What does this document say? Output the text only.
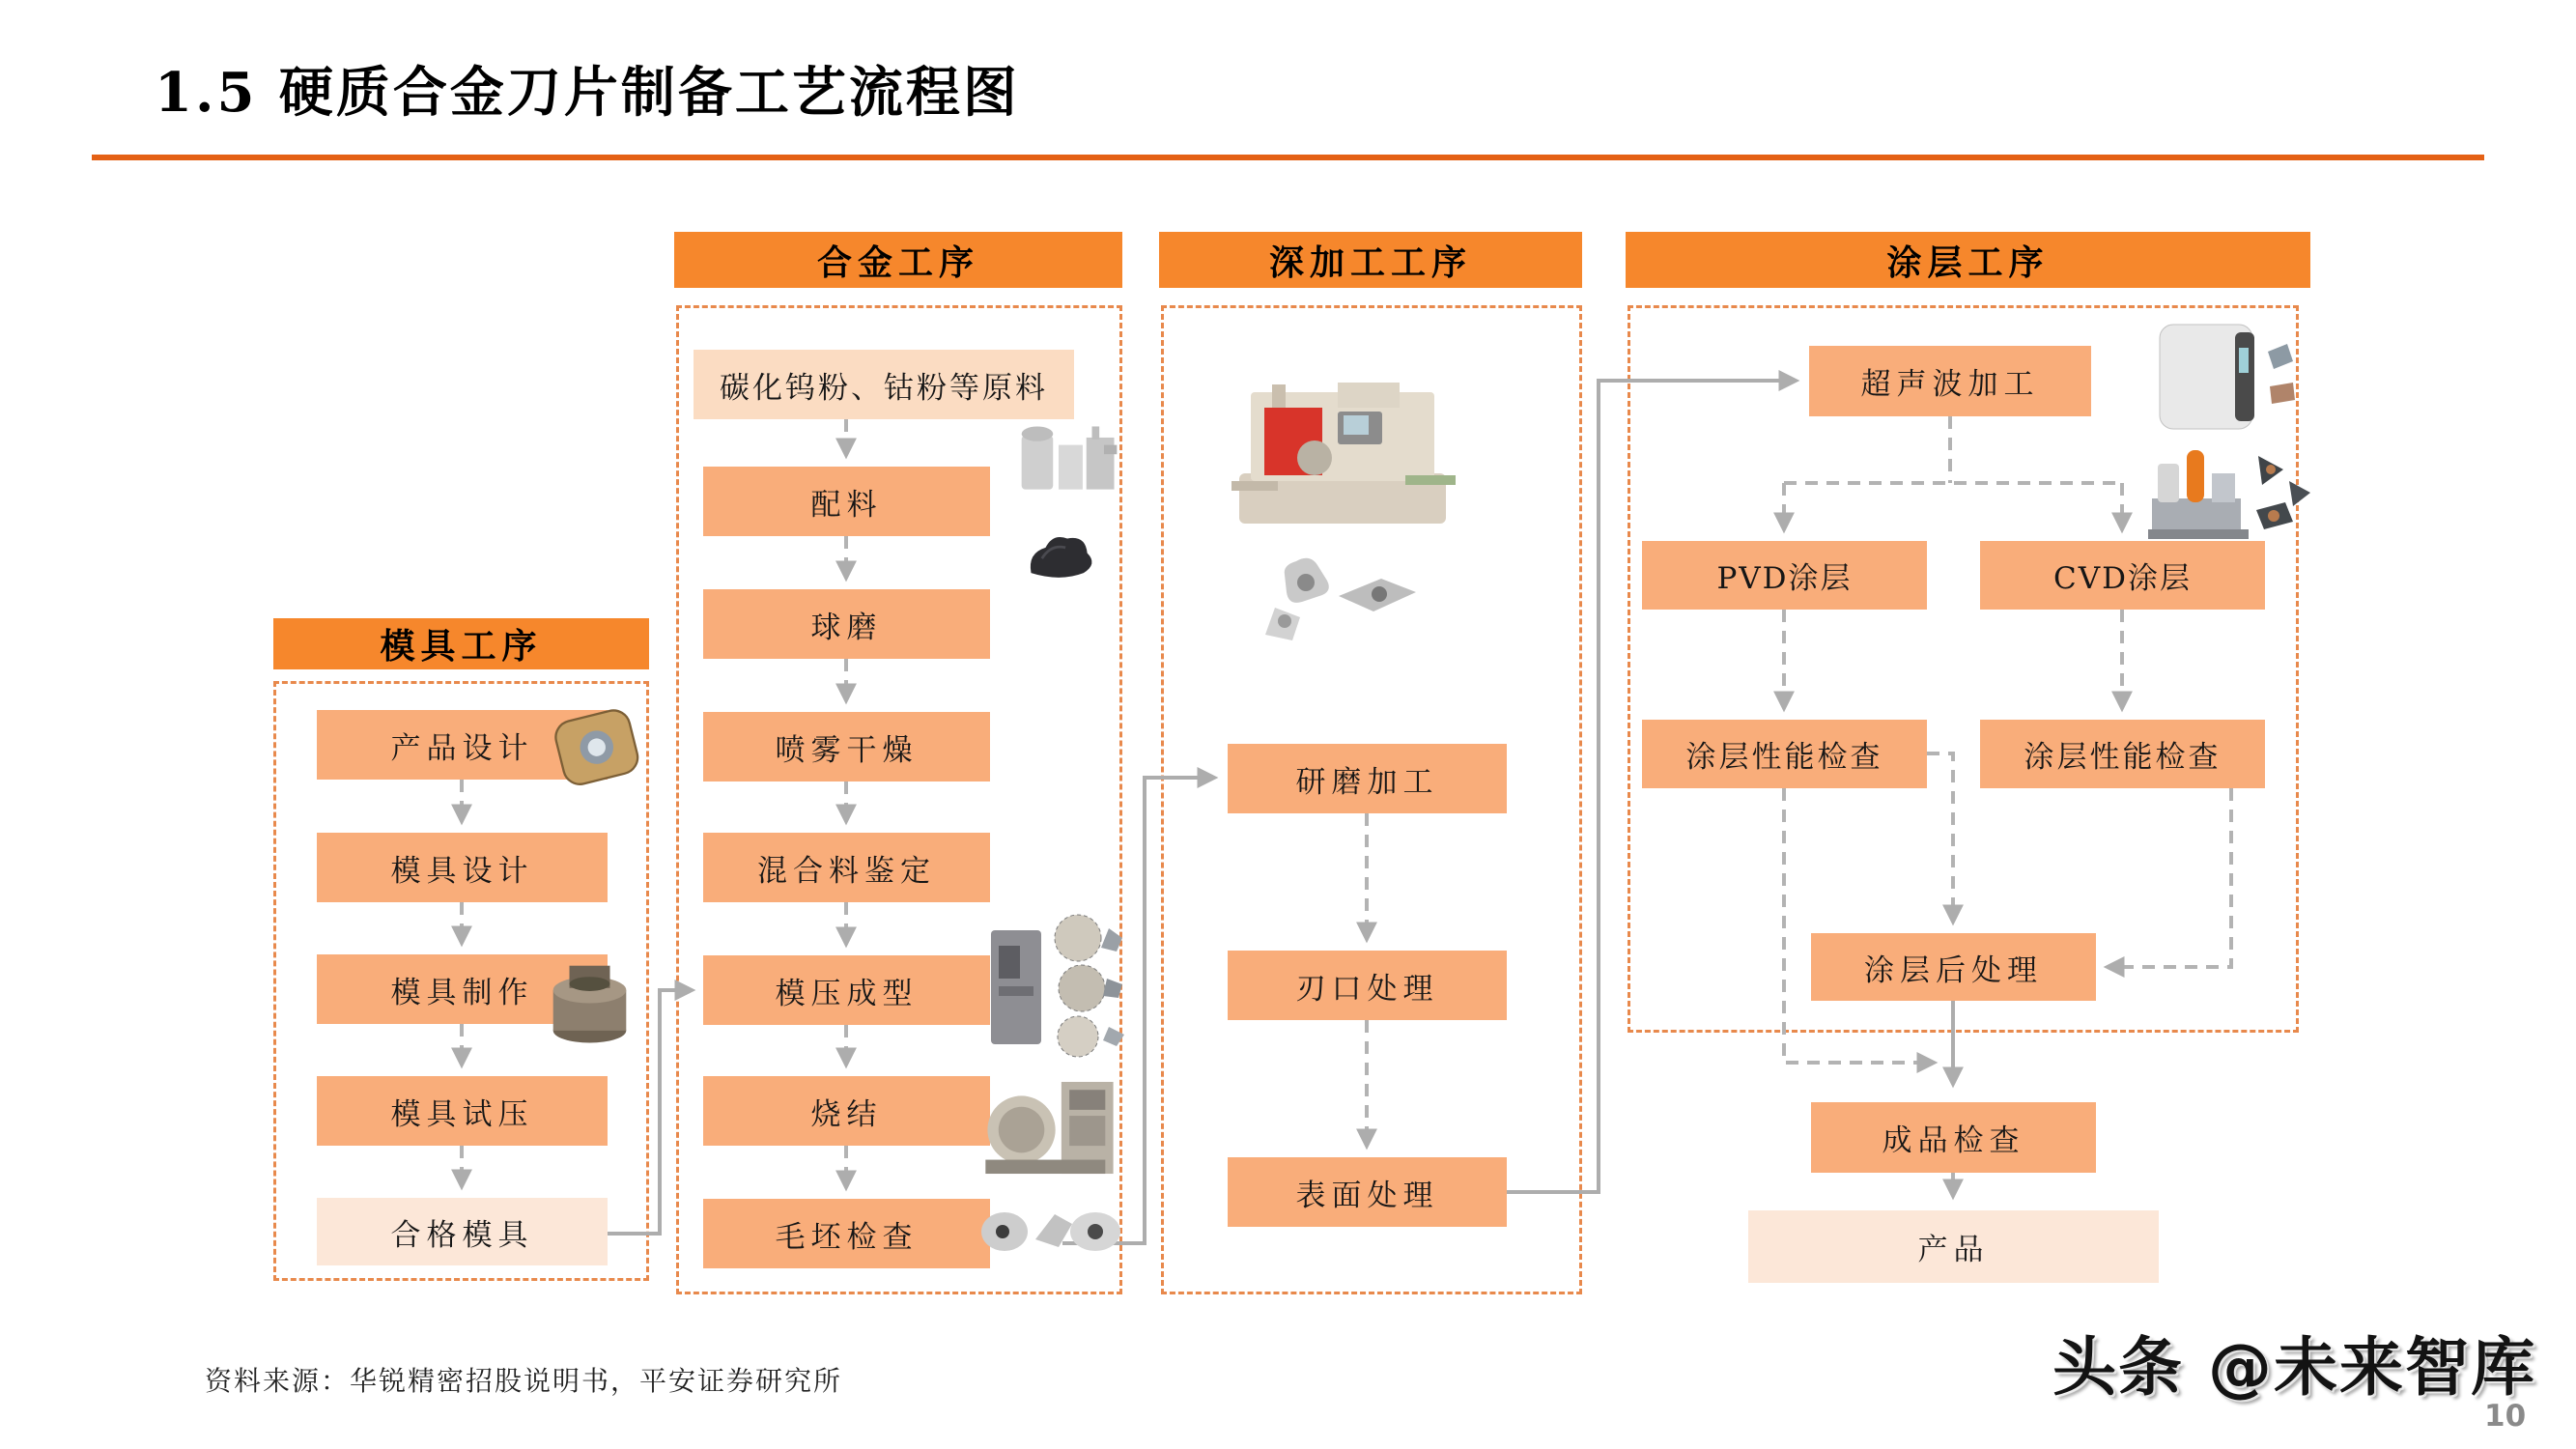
1.5 硬质合金刀片制备工艺流程图
模具工序
合金工序	深加工工序	涂层工序
产品设计
模具设计
模具制作
模具试压
合格模具
碳化钨粉、钴粉等原料
配料
球磨
喷雾干燥
混合料鉴定
模压成型
烧结
毛坯检查
研磨加工
刃口处理
表面处理
超声波加工
PVD涂层	CVD涂层
涂层性能检查	涂层性能检查
涂层后处理
成品检查
产品
资料来源：华锐精密招股说明书，平安证券研究所	头条 @未来智库
10
